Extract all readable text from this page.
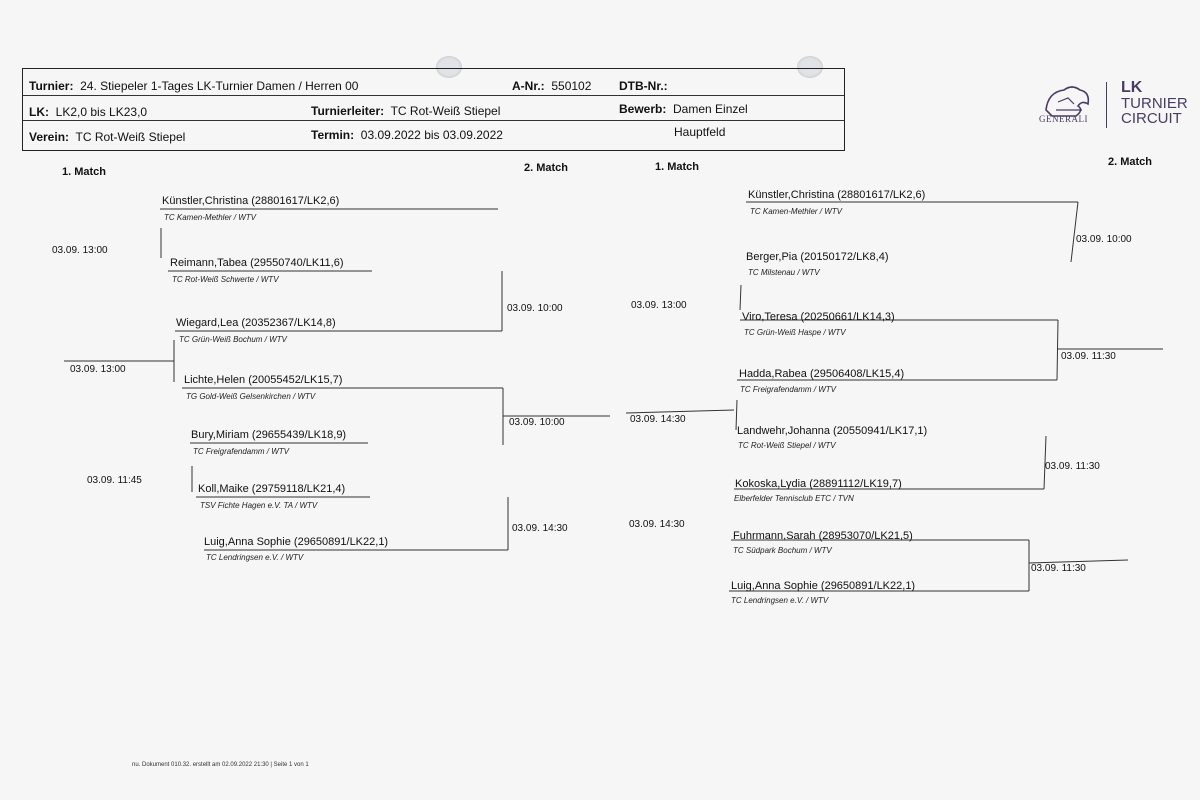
Turnier: 24. Stiepeler 1-Tages LK-Turnier Damen / Herren 00	A-Nr.: 550102 DTB-Nr.:
LK: LK2,0 bis LK23,0	Turnierleiter: TC Rot-Weiß Stiepel	Bewerb: Damen Einzel
Verein: TC Rot-Weiß Stiepel	Termin: 03.09.2022 bis 03.09.2022	Hauptfeld
GENERALI
LK
TURNIER
CIRCUIT
1. Match	2. Match	1. Match	2. Match
Künstler,Christina (28801617/LK2,6)
TC Kamen-Methler / WTV
Reimann,Tabea (29550740/LK11,6)
TC Rot-Weiß Schwerte / WTV
Wiegard,Lea (20352367/LK14,8)
TC Grün-Weiß Bochum / WTV
Lichte,Helen (20055452/LK15,7)
TG Gold-Weiß Gelsenkirchen / WTV
Bury,Miriam (29655439/LK18,9)
TC Freigrafendamm / WTV
Koll,Maike (29759118/LK21,4)
TSV Fichte Hagen e.V. TA / WTV
Luig,Anna Sophie (29650891/LK22,1)
TC Lendringsen e.V. / WTV
Künstler,Christina (28801617/LK2,6)
TC Kamen-Methler / WTV
Berger,Pia (20150172/LK8,4)
TC Milstenau / WTV
Viro,Teresa (20250661/LK14,3)
TC Grün-Weiß Haspe / WTV
Hadda,Rabea (29506408/LK15,4)
TC Freigrafendamm / WTV
Landwehr,Johanna (20550941/LK17,1)
TC Rot-Weiß Stiepel / WTV
Kokoska,Lydia (28891112/LK19,7)
Elberfelder Tennisclub ETC / TVN
Fuhrmann,Sarah (28953070/LK21,5)
TC Südpark Bochum / WTV
Luig,Anna Sophie (29650891/LK22,1)
TC Lendringsen e.V. / WTV
03.09. 13:00
03.09. 13:00
03.09. 11:45
03.09. 10:00
03.09. 10:00
03.09. 14:30
03.09. 13:00
03.09. 14:30
03.09. 14:30
03.09. 10:00
03.09. 11:30
03.09. 11:30
03.09. 11:30
nu. Dokument 010.32. erstellt am 02.09.2022 21:30 | Seite 1 von 1
